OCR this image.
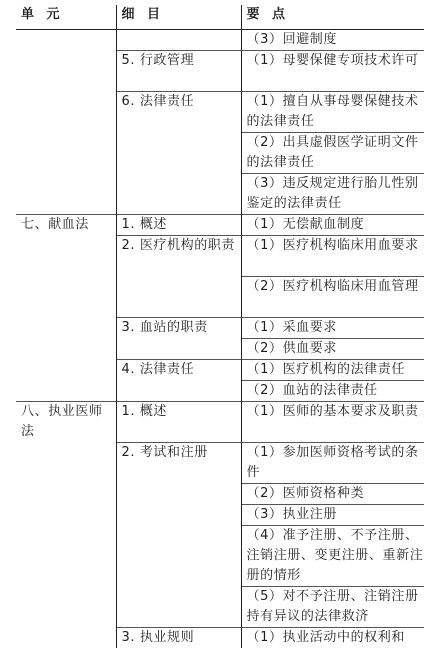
单 元	细 目	要 点
		（3）回避制度
	5. 行政管理	（1）母婴保健专项技术许可
	6. 法律责任	（1）擅自从事母婴保健技术的法律责任
		（2）出具虚假医学证明文件的法律责任
		（3）违反规定进行胎儿性别鉴定的法律责任
七、献血法	1. 概述	（1）无偿献血制度
	2. 医疗机构的职责	（1）医疗机构临床用血要求
		（2）医疗机构临床用血管理
	3. 血站的职责	（1）采血要求
		（2）供血要求
	4. 法律责任	（1）医疗机构的法律责任
		（2）血站的法律责任
八、执业医师法	1. 概述	（1）医师的基本要求及职责
	2. 考试和注册	（1）参加医师资格考试的条件
		（2）医师资格种类
		（3）执业注册
		（4）准予注册、不予注册、注销注册、变更注册、重新注册的情形
		（5）对不予注册、注销注册持有异议的法律救济
	3. 执业规则	（1）执业活动中的权利和
